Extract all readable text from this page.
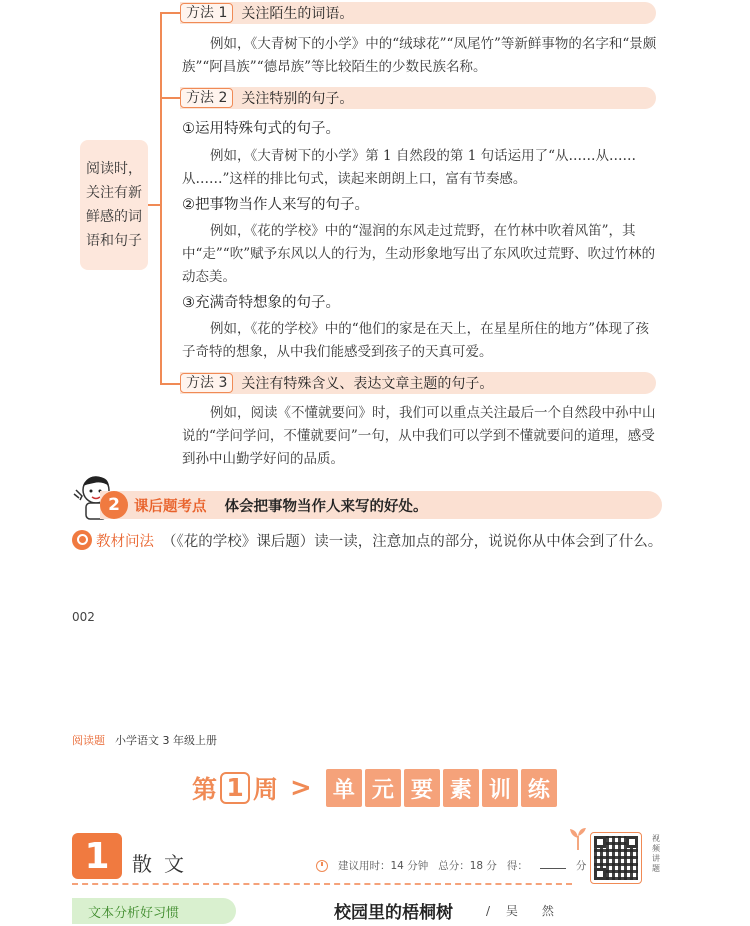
阅读时，
关注有新
鲜感的词
语和句子
方法 1	关注陌生的词语。
例如，《大青树下的小学》中的“绒球花”“凤尾竹”等新鲜事物的名字和“景颇族”“阿昌族”“德昂族”等比较陌生的少数民族名称。
方法 2	关注特别的句子。
①运用特殊句式的句子。
例如，《大青树下的小学》第 1 自然段的第 1 句话运用了“从……从……从……”这样的排比句式，读起来朗朗上口，富有节奏感。
②把事物当作人来写的句子。
例如，《花的学校》中的“湿润的东风走过荒野，在竹林中吹着风笛”，其中“走”“吹”赋予东风以人的行为，生动形象地写出了东风吹过荒野、吹过竹林的动态美。
③充满奇特想象的句子。
例如，《花的学校》中的“他们的家是在天上，在星星所住的地方”体现了孩子奇特的想象，从中我们能感受到孩子的天真可爱。
方法 3	关注有特殊含义、表达文章主题的句子。
例如，阅读《不懂就要问》时，我们可以重点关注最后一个自然段中孙中山说的“学问学问，不懂就要问”一句，从中我们可以学到不懂就要问的道理，感受到孙中山勤学好问的品质。
2 课后题考点 体会把事物当作人来写的好处。
教材问法 （《花的学校》课后题）读一读，注意加点的部分，说说你从中体会到了什么。
002
阅读题 小学语文 3 年级上册
第 1 周 > 单 元 要 素 训 练
1	散文	建议用时：14 分钟 总分：18 分 得：	分
视频讲题
文本分析好习惯	校园里的梧桐树	/ 吴　然
